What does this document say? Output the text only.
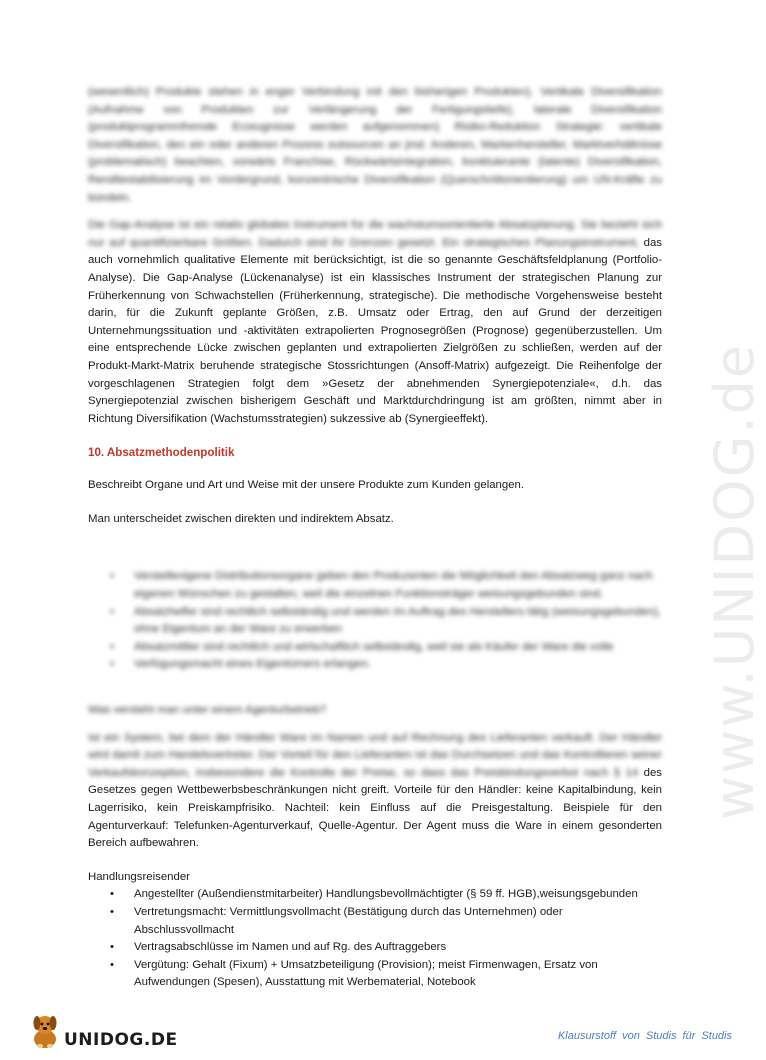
www.UNIDOG.de

(wesentlich) Produkte stehen in enger Verbindung mit den bisherigen Produkten). Vertikale Diversifikation (Aufnahme von Produkten zur Verlängerung der Fertigungstiefe), laterale Diversifikation (produktprogrammfremde Erzeugnisse werden aufgenommen) Risiko-Reduktion Strategie: vertikale Diversifikation, den ein oder anderen Prozess outsourcen an jmd. Anderen, Markenhersteller, Marktverhältnisse (problematisch) beachten, vorwärts Franchise, Rückwärtsintegration, konkluierante (latente) Diversifikation, Renditestabilisierung im Vordergrund, konzentrische Diversifikation (Querschnittorientierung) um UN-Kräfte zu bündeln.

Die Gap-Analyse ist ein relativ globales Instrument für die wachstumsorientierte Absatzplanung. Sie bezieht sich nur auf quantifizierbare Größen. Dadurch sind ihr Grenzen gesetzt. Ein strategisches Planungsinstrument, das auch vornehmlich qualitative Elemente mit berücksichtigt, ist die so genannte Geschäftsfeldplanung (Portfolio-Analyse). Die Gap-Analyse (Lückenanalyse) ist ein klassisches Instrument der strategischen Planung zur Früherkennung von Schwachstellen (Früherkennung, strategische). Die methodische Vorgehensweise besteht darin, für die Zukunft geplante Größen, z.B. Umsatz oder Ertrag, den auf Grund der derzeitigen Unternehmungssituation und -aktivitäten extrapolierten Prognosegrößen (Prognose) gegenüberzustellen. Um eine entsprechende Lücke zwischen geplanten und extrapolierten Zielgrößen zu schließen, werden auf der Produkt-Markt-Matrix beruhende strategische Stossrichtungen (Ansoff-Matrix) aufgezeigt. Die Reihenfolge der vorgeschlagenen Strategien folgt dem »Gesetz der abnehmenden Synergiepotenziale«, d.h. das Synergiepotenzial zwischen bisherigem Geschäft und Marktdurchdringung ist am größten, nimmt aber in Richtung Diversifikation (Wachstumsstrategien) sukzessive ab (Synergieeffekt).

10. Absatzmethodenpolitik

Beschreibt Organe und Art und Weise mit der unsere Produkte zum Kunden gelangen.

Man unterscheidet zwischen direkten und indirektem Absatz.

• Verstellenigene Distributionsorgane geben den Produzenten die Möglichkeit den Absatzweg ganz nach eigenen Wünschen zu gestalten, weil die einzelnen Funktionsträger weisungsgebunden sind.
• Absatzhelfer sind rechtlich selbständig und werden im Auftrag des Herstellers tätig (weisungsgebunden), ohne Eigentum an der Ware zu erwerben
• Absatzmittler sind rechtlich und wirtschaftlich selbständig, weil sie als Käufer der Ware die volle
• Verfügungsmacht eines Eigentümers erlangen.

Was versteht man unter einem Agenturbetrieb?

Ist ein System, bei dem der Händler Ware im Namen und auf Rechnung des Lieferanten verkauft. Der Händler wird damit zum Handelsvertreter. Der Vorteil für den Lieferanten ist das Durchsetzen und das Kontrollieren seiner Verkaufskonzeption, insbesondere die Kontrolle der Preise, so dass das Preisbindungsverbot nach § 14 des Gesetzes gegen Wettbewerbsbeschränkungen nicht greift. Vorteile für den Händler: keine Kapitalbindung, kein Lagerrisiko, kein Preiskampfrisiko. Nachteil: kein Einfluss auf die Preisgestaltung. Beispiele für den Agenturverkauf: Telefunken-Agenturverkauf, Quelle-Agentur. Der Agent muss die Ware in einem gesonderten Bereich aufbewahren.

Handlungsreisender

• Angestellter (Außendienstmitarbeiter) Handlungsbevollmächtigter (§ 59 ff. HGB),weisungsgebunden
• Vertretungsmacht: Vermittlungsvollmacht (Bestätigung durch das Unternehmen) oder Abschlussvollmacht
• Vertragsabschlüsse im Namen und auf Rg. des Auftraggebers
• Vergütung: Gehalt (Fixum) + Umsatzbeteiligung (Provision); meist Firmenwagen, Ersatz von Aufwendungen (Spesen), Ausstattung mit Werbematerial, Notebook
UNIDOG.DE	Klausurstoff von Studis für Studis
